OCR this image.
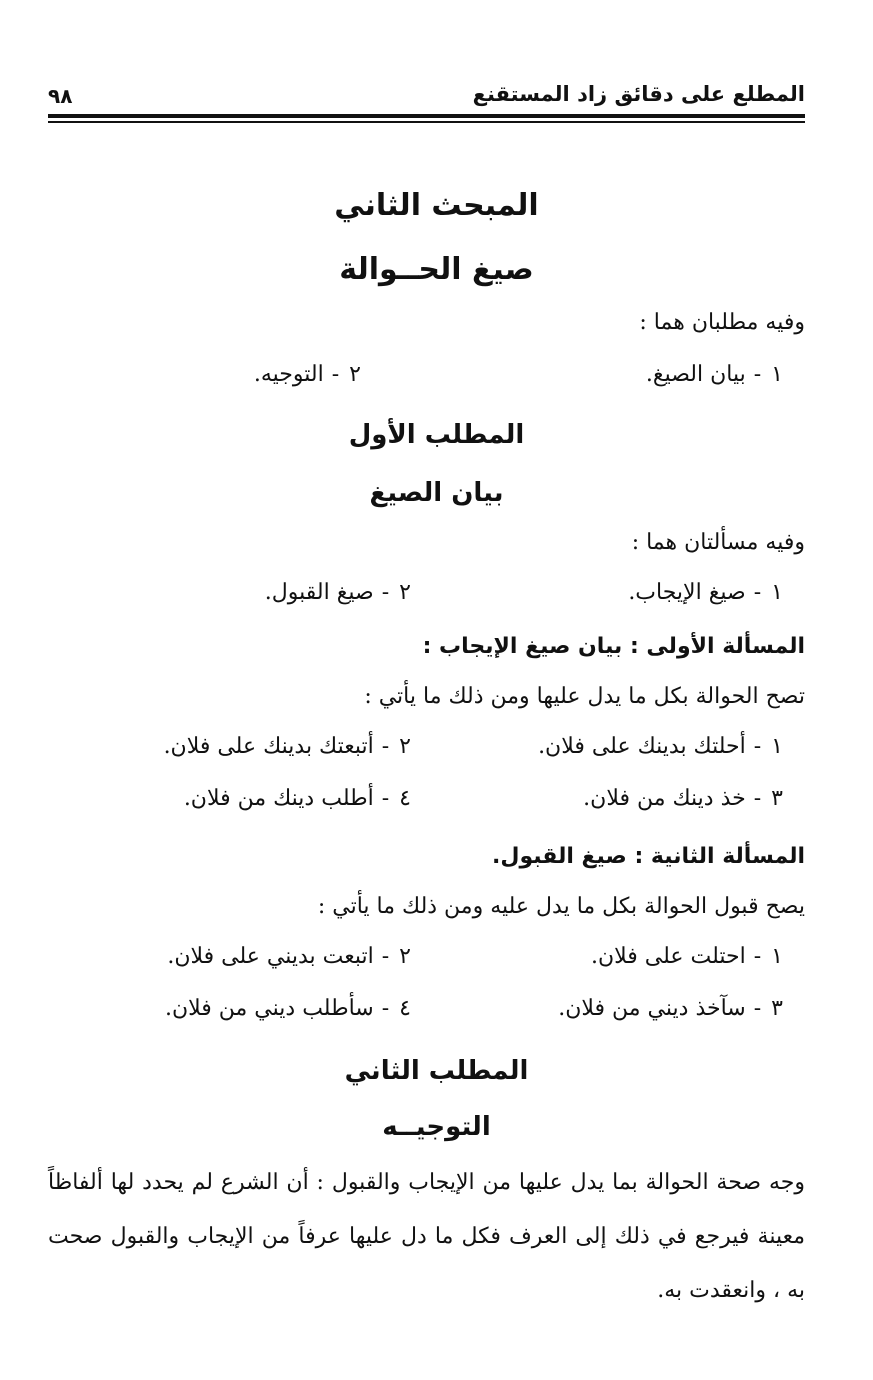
المطلع على دقائق زاد المستقنع
٩٨
المبحث الثاني
صيغ الحــوالة

وفيه مطلبان هما :

١-بيان الصيغ.
٢-التوجيه.
المطلب الأول
بيان الصيغ

وفيه مسألتان هما :

١-صيغ الإيجاب.
٢-صيغ القبول.

المسألة الأولى : بيان صيغ الإيجاب :

تصح الحوالة بكل ما يدل عليها ومن ذلك ما يأتي :

١-أحلتك بدينك على فلان.
٢-أتبعتك بدينك على فلان.
٣-خذ دينك من فلان.
٤-أطلب دينك من فلان.

المسألة الثانية : صيغ القبول.

يصح قبول الحوالة بكل ما يدل عليه ومن ذلك ما يأتي :

١-احتلت على فلان.
٢-اتبعت بديني على فلان.
٣-سآخذ ديني من فلان.
٤-سأطلب ديني من فلان.
المطلب الثاني
التوجيــه

وجه صحة الحوالة بما يدل عليها من الإيجاب والقبول : أن الشرع لم يحدد لها ألفاظاً معينة فيرجع في ذلك إلى العرف فكل ما دل عليها عرفاً من الإيجاب والقبول صحت به ، وانعقدت به.
